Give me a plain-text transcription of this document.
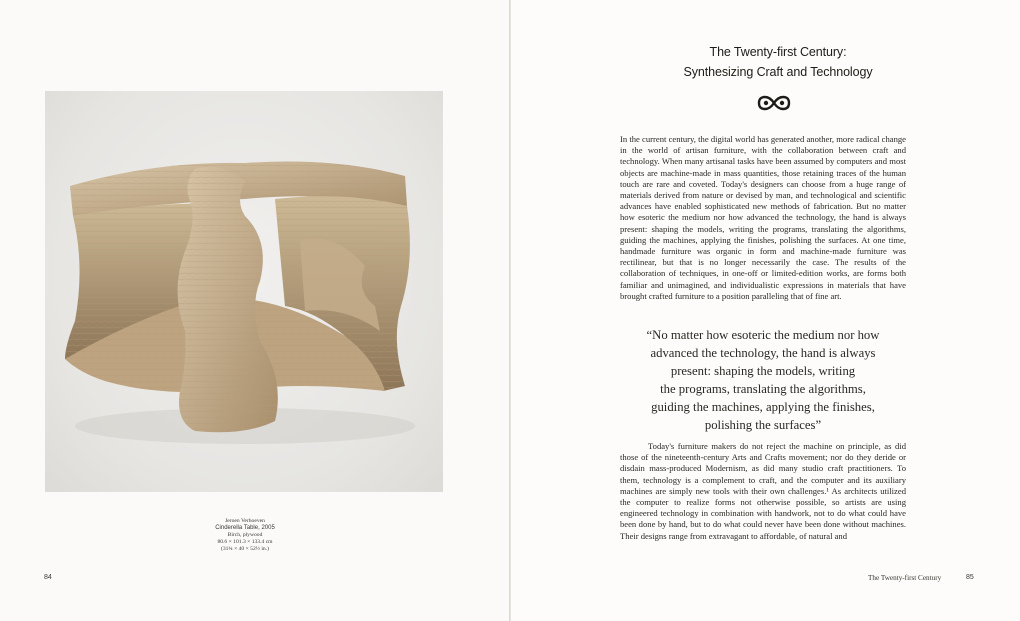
Jeroen Verhoeven
Cinderella Table, 2005
Birch, plywood
80.6 × 101.3 × 133.4 cm
(31¾ × 40 × 52½ in.)
84
The Twenty-first Century:
Synthesizing Craft and Technology

In the current century, the digital world has generated another, more radical change in the world of artisan furniture, with the collaboration between craft and technology. When many artisanal tasks have been assumed by computers and most objects are machine-made in mass quantities, those retaining traces of the human touch are rare and coveted. Today's designers can choose from a huge range of materials derived from nature or devised by man, and technological and scientific advances have enabled sophisticated new methods of fabrication. But no matter how esoteric the medium nor how advanced the technology, the hand is always present: shaping the models, writing the programs, translating the algorithms, guiding the machines, applying the finishes, polishing the surfaces. At one time, handmade furniture was organic in form and machine-made furniture was rectilinear, but that is no longer necessarily the case. The results of the collaboration of techniques, in one-off or limited-edition works, are forms both familiar and unimagined, and individualistic expressions in materials that have brought crafted furniture to a position paralleling that of fine art.

“No matter how esoteric the medium nor how
advanced the technology, the hand is always
present: shaping the models, writing
the programs, translating the algorithms,
guiding the machines, applying the finishes,
polishing the surfaces”

Today's furniture makers do not reject the machine on principle, as did those of the nineteenth-century Arts and Crafts movement; nor do they deride or disdain mass-produced Modernism, as did many studio craft practitioners. To them, technology is a complement to craft, and the computer and its auxiliary machines are simply new tools with their own challenges.¹ As architects utilized the computer to realize forms not otherwise possible, so artists are using engineered technology in combination with handwork, not to do what could have been done by hand, but to do what could never have been done without machines. Their designs range from extravagant to affordable, of natural and

The Twenty-first Century	85
